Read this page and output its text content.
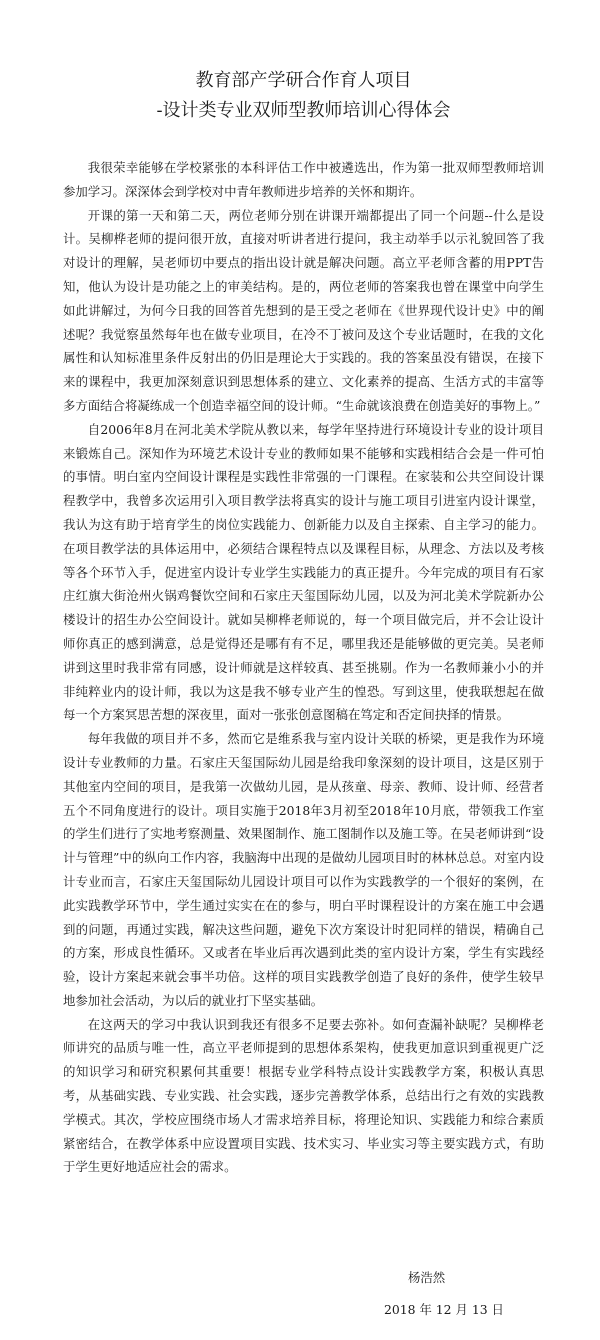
教育部产学研合作育人项目
-设计类专业双师型教师培训心得体会

我很荣幸能够在学校紧张的本科评估工作中被遴选出，作为第一批双师型教师培训参加学习。深深体会到学校对中青年教师进步培养的关怀和期许。

开课的第一天和第二天，两位老师分别在讲课开端都提出了同一个问题--什么是设计。吴柳桦老师的提问很开放，直接对听讲者进行提问，我主动举手以示礼貌回答了我对设计的理解，吴老师切中要点的指出设计就是解决问题。高立平老师含蓄的用PPT告知，他认为设计是功能之上的审美结构。是的，两位老师的答案我也曾在课堂中向学生如此讲解过，为何今日我的回答首先想到的是王受之老师在《世界现代设计史》中的阐述呢？我觉察虽然每年也在做专业项目，在冷不丁被问及这个专业话题时，在我的文化属性和认知标准里条件反射出的仍旧是理论大于实践的。我的答案虽没有错误，在接下来的课程中，我更加深刻意识到思想体系的建立、文化素养的提高、生活方式的丰富等多方面结合将凝练成一个创造幸福空间的设计师。“生命就该浪费在创造美好的事物上。”

自2006年8月在河北美术学院从教以来，每学年坚持进行环境设计专业的设计项目来锻炼自己。深知作为环境艺术设计专业的教师如果不能够和实践相结合会是一件可怕的事情。明白室内空间设计课程是实践性非常强的一门课程。在家装和公共空间设计课程教学中，我曾多次运用引入项目教学法将真实的设计与施工项目引进室内设计课堂，我认为这有助于培育学生的岗位实践能力、创新能力以及自主探索、自主学习的能力。在项目教学法的具体运用中，必须结合课程特点以及课程目标，从理念、方法以及考核等各个环节入手，促进室内设计专业学生实践能力的真正提升。今年完成的项目有石家庄红旗大街沧州火锅鸡餐饮空间和石家庄天玺国际幼儿园，以及为河北美术学院新办公楼设计的招生办公空间设计。就如吴柳桦老师说的，每一个项目做完后，并不会让设计师你真正的感到满意，总是觉得还是哪有有不足，哪里我还是能够做的更完美。吴老师讲到这里时我非常有同感，设计师就是这样较真、甚至挑剔。作为一名教师兼小小的并非纯粹业内的设计师，我以为这是我不够专业产生的惶恐。写到这里，使我联想起在做每一个方案冥思苦想的深夜里，面对一张张创意图稿在笃定和否定间抉择的情景。

每年我做的项目并不多，然而它是维系我与室内设计关联的桥梁，更是我作为环境设计专业教师的力量。石家庄天玺国际幼儿园是给我印象深刻的设计项目，这是区别于其他室内空间的项目，是我第一次做幼儿园，是从孩童、母亲、教师、设计师、经营者五个不同角度进行的设计。项目实施于2018年3月初至2018年10月底，带领我工作室的学生们进行了实地考察测量、效果图制作、施工图制作以及施工等。在吴老师讲到“设计与管理”中的纵向工作内容，我脑海中出现的是做幼儿园项目时的林林总总。对室内设计专业而言，石家庄天玺国际幼儿园设计项目可以作为实践教学的一个很好的案例，在此实践教学环节中，学生通过实实在在的参与，明白平时课程设计的方案在施工中会遇到的问题，再通过实践，解决这些问题，避免下次方案设计时犯同样的错误，精确自己的方案，形成良性循环。又或者在毕业后再次遇到此类的室内设计方案，学生有实践经验，设计方案起来就会事半功倍。这样的项目实践教学创造了良好的条件，使学生较早地参加社会活动，为以后的就业打下坚实基础。

在这两天的学习中我认识到我还有很多不足要去弥补。如何查漏补缺呢？吴柳桦老师讲究的品质与唯一性，高立平老师提到的思想体系架构，使我更加意识到重视更广泛的知识学习和研究积累何其重要！根据专业学科特点设计实践教学方案，积极认真思考，从基础实践、专业实践、社会实践，逐步完善教学体系，总结出行之有效的实践教学模式。其次，学校应围绕市场人才需求培养目标，将理论知识、实践能力和综合素质紧密结合，在教学体系中应设置项目实践、技术实习、毕业实习等主要实践方式，有助于学生更好地适应社会的需求。

杨浩然
2018 年 12 月 13 日
